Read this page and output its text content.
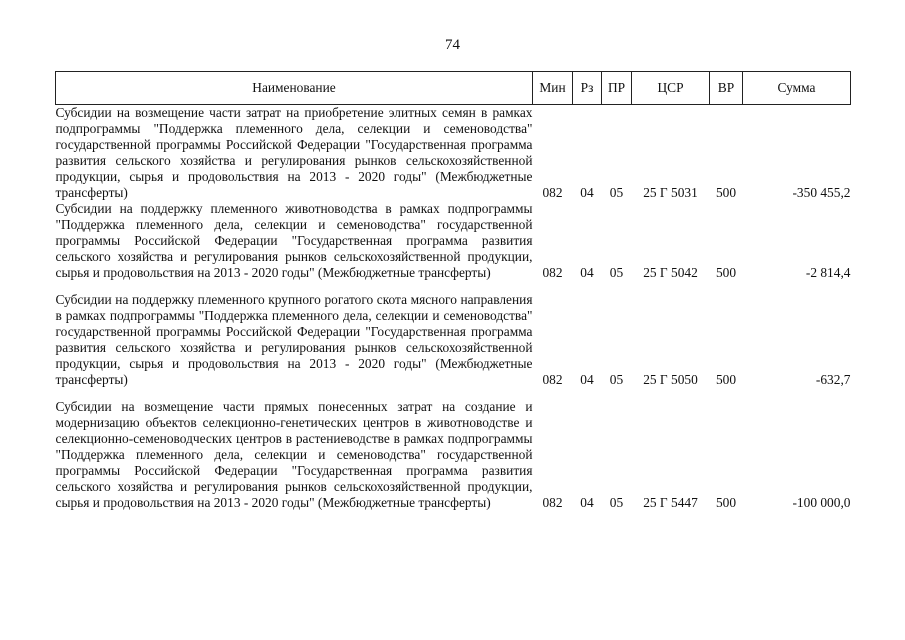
74
Наименование	Мин	Рз	ПР	ЦСР	ВР	Сумма
Субсидии на возмещение части затрат на приобретение элитных семян в рамках подпрограммы "Поддержка племенного дела, селекции и семеноводства" государственной программы Российской Федерации "Государственная программа развития сельского хозяйства и регулирования рынков сельскохозяйственной продукции, сырья и продовольствия на 2013 - 2020 годы" (Межбюджетные трансферты)	082	04	05	25 Г 5031	500	-350 455,2
Субсидии на поддержку племенного животноводства в рамках подпрограммы "Поддержка племенного дела, селекции и семеноводства" государственной программы Российской Федерации "Государственная программа развития сельского хозяйства и регулирования рынков сельскохозяйственной продукции, сырья и продовольствия на 2013 - 2020 годы" (Межбюджетные трансферты)	082	04	05	25 Г 5042	500	-2 814,4
Субсидии на поддержку племенного крупного рогатого скота мясного направления в рамках подпрограммы "Поддержка племенного дела, селекции и семеноводства" государственной программы Российской Федерации "Государственная программа развития сельского хозяйства и регулирования рынков сельскохозяйственной продукции, сырья и продовольствия на 2013 - 2020 годы" (Межбюджетные трансферты)	082	04	05	25 Г 5050	500	-632,7
Субсидии на возмещение части прямых понесенных затрат на создание и модернизацию объектов селекционно-генетических центров в животноводстве и селекционно-семеноводческих центров в растениеводстве в рамках подпрограммы "Поддержка племенного дела, селекции и семеноводства" государственной программы Российской Федерации "Государственная программа развития сельского хозяйства и регулирования рынков сельскохозяйственной продукции, сырья и продовольствия на 2013 - 2020 годы" (Межбюджетные трансферты)	082	04	05	25 Г 5447	500	-100 000,0
